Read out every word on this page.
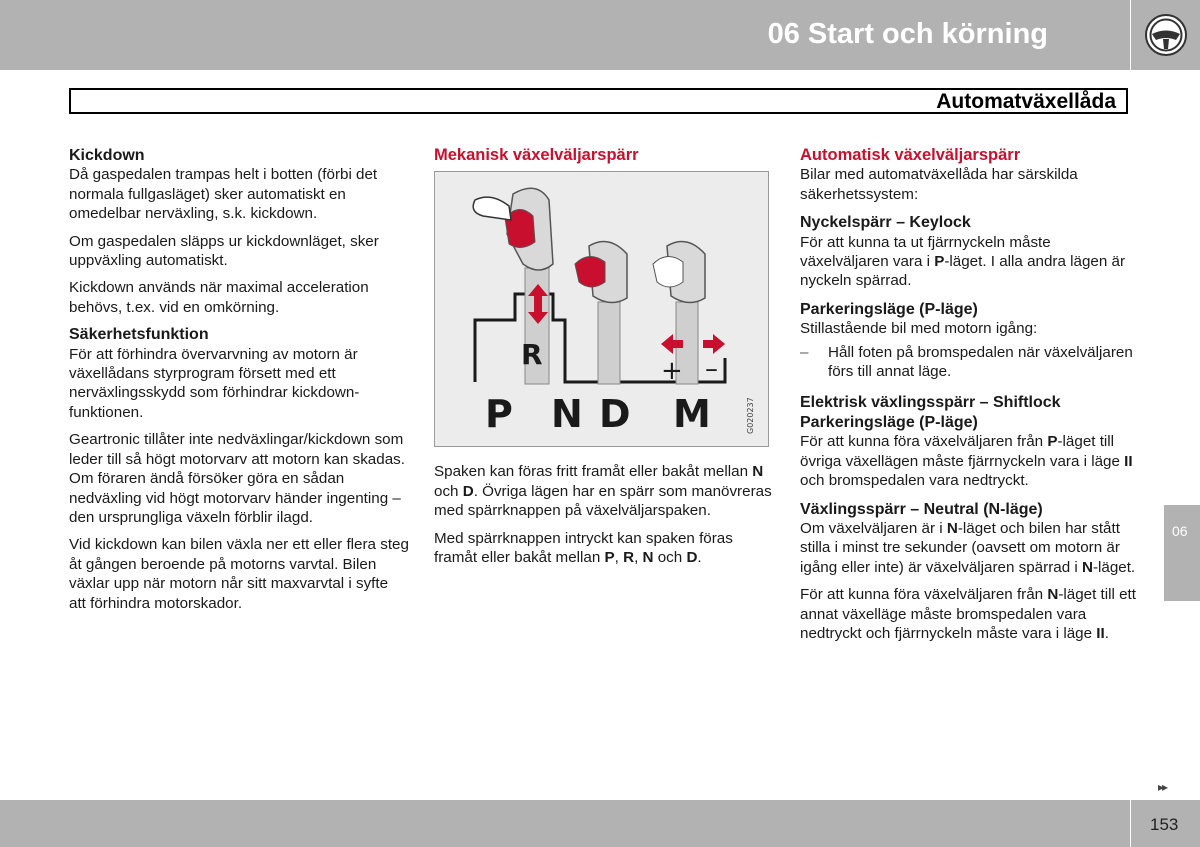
06 Start och körning
Automatväxellåda
Kickdown

Då gaspedalen trampas helt i botten (förbi det normala fullgasläget) sker automatiskt en omedelbar nerväxling, s.k. kickdown.

Om gaspedalen släpps ur kickdownläget, sker uppväxling automatiskt.

Kickdown används när maximal acceleration behövs, t.ex. vid en omkörning.

Säkerhetsfunktion

För att förhindra övervarvning av motorn är växellådans styrprogram försett med ett nerväxlingsskydd som förhindrar kickdown-funktionen.

Geartronic tillåter inte nedväxlingar/kickdown som leder till så högt motorvarv att motorn kan skadas. Om föraren ändå försöker göra en sådan nedväxling vid högt motorvarv händer ingenting – den ursprungliga växeln förblir ilagd.

Vid kickdown kan bilen växla ner ett eller flera steg åt gången beroende på motorns varvtal. Bilen växlar upp när motorn når sitt maxvarvtal i syfte att förhindra motorskador.

Mekanisk växelväljarspärr
R	+ –
P N D M	G020237

Spaken kan föras fritt framåt eller bakåt mellan N och D. Övriga lägen har en spärr som manövreras med spärrknappen på växelväljarspaken.

Med spärrknappen intryckt kan spaken föras framåt eller bakåt mellan P, R, N och D.

Automatisk växelväljarspärr

Bilar med automatväxellåda har särskilda säkerhetssystem:

Nyckelspärr – Keylock

För att kunna ta ut fjärrnyckeln måste växelväljaren vara i P-läget. I alla andra lägen är nyckeln spärrad.

Parkeringsläge (P-läge)

Stillastående bil med motorn igång:

–	Håll foten på bromspedalen när växelväljaren förs till annat läge.
Elektrisk växlingsspärr – Shiftlock
Parkeringsläge (P-läge)

För att kunna föra växelväljaren från P-läget till övriga växellägen måste fjärrnyckeln vara i läge II och bromspedalen vara nedtryckt.

Växlingsspärr – Neutral (N-läge)

Om växelväljaren är i N-läget och bilen har stått stilla i minst tre sekunder (oavsett om motorn är igång eller inte) är växelväljaren spärrad i N-läget.

För att kunna föra växelväljaren från N-läget till ett annat växelläge måste bromspedalen vara nedtryckt och fjärrnyckeln måste vara i läge II.

06
▸▸
153
